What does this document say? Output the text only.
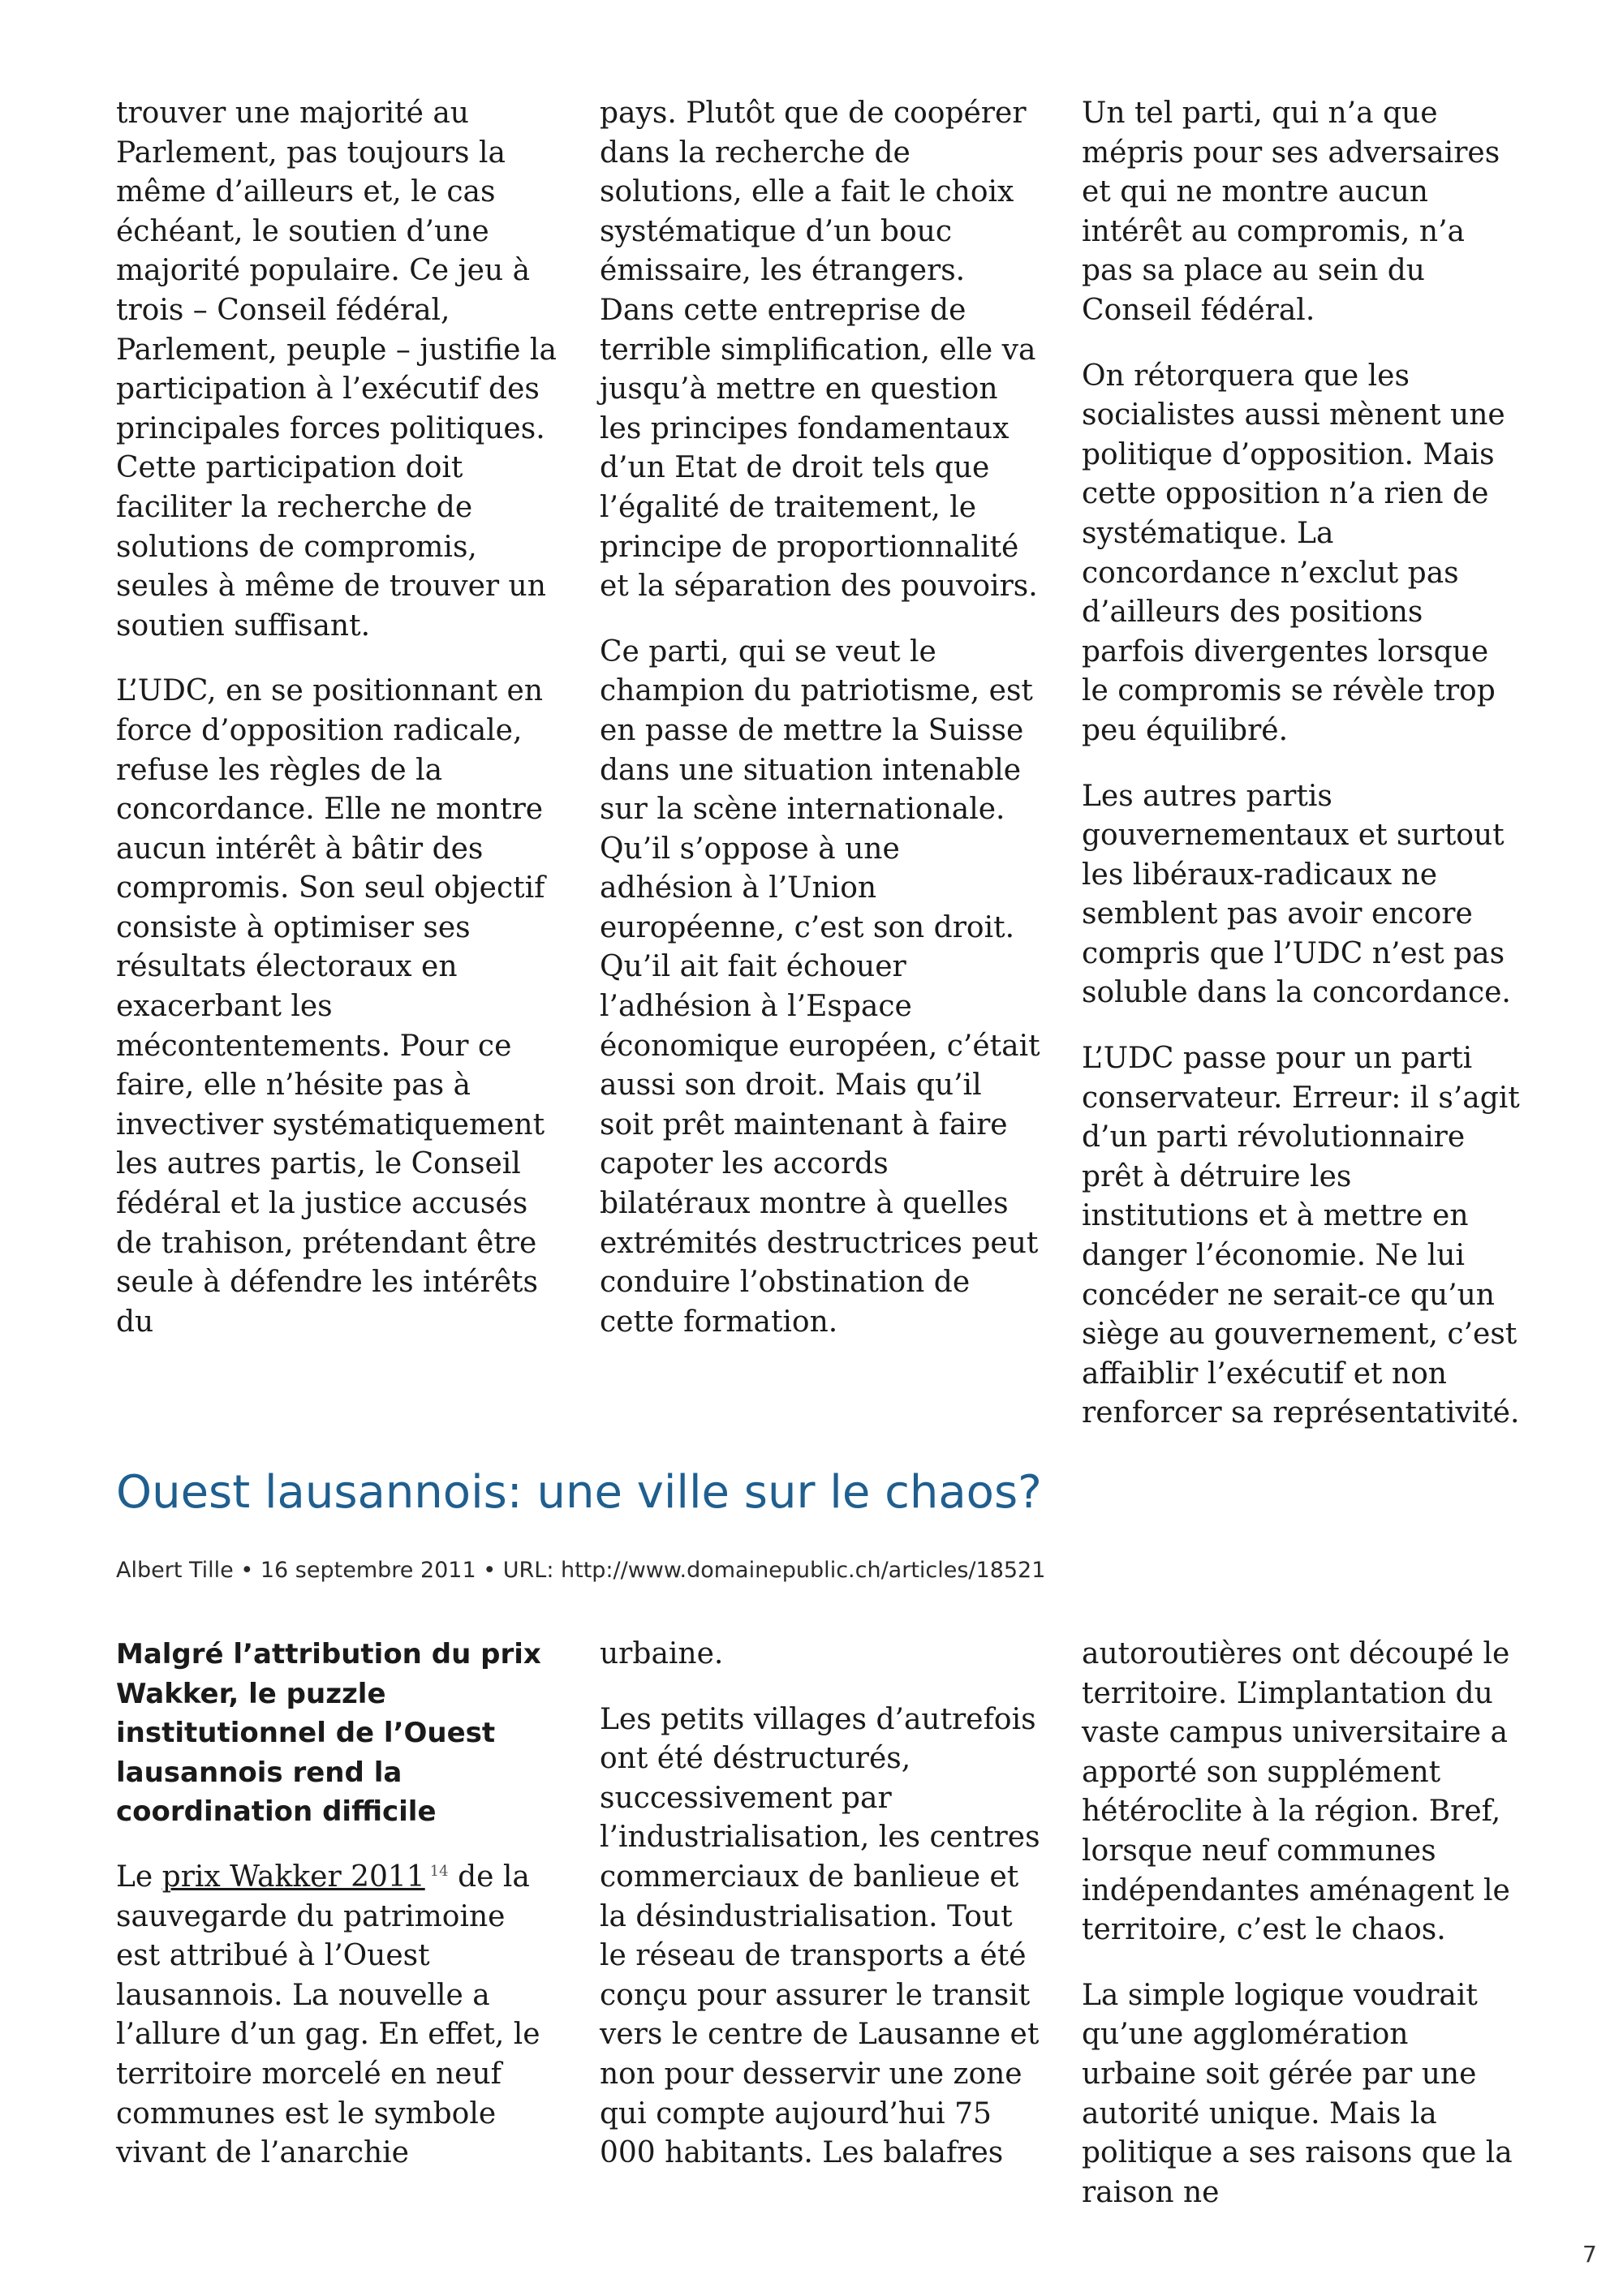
trouver une majorité au Parlement, pas toujours la même d’ailleurs et, le cas échéant, le soutien d’une majorité populaire. Ce jeu à trois – Conseil fédéral, Parlement, peuple – justifie la participation à l’exécutif des principales forces politiques. Cette participation doit faciliter la recherche de solutions de compromis, seules à même de trouver un soutien suffisant.

L’UDC, en se positionnant en force d’opposition radicale, refuse les règles de la concordance. Elle ne montre aucun intérêt à bâtir des compromis. Son seul objectif consiste à optimiser ses résultats électoraux en exacerbant les mécontentements. Pour ce faire, elle n’hésite pas à invectiver systématiquement les autres partis, le Conseil fédéral et la justice accusés de trahison, prétendant être seule à défendre les intérêts du

pays. Plutôt que de coopérer dans la recherche de solutions, elle a fait le choix systématique d’un bouc émissaire, les étrangers. Dans cette entreprise de terrible simplification, elle va jusqu’à mettre en question les principes fondamentaux d’un Etat de droit tels que l’égalité de traitement, le principe de proportionnalité et la séparation des pouvoirs.

Ce parti, qui se veut le champion du patriotisme, est en passe de mettre la Suisse dans une situation intenable sur la scène internationale. Qu’il s’oppose à une adhésion à l’Union européenne, c’est son droit. Qu’il ait fait échouer l’adhésion à l’Espace économique européen, c’était aussi son droit. Mais qu’il soit prêt maintenant à faire capoter les accords bilatéraux montre à quelles extrémités destructrices peut conduire l’obstination de cette formation.

Un tel parti, qui n’a que mépris pour ses adversaires et qui ne montre aucun intérêt au compromis, n’a pas sa place au sein du Conseil fédéral.

On rétorquera que les socialistes aussi mènent une politique d’opposition. Mais cette opposition n’a rien de systématique. La concordance n’exclut pas d’ailleurs des positions parfois divergentes lorsque le compromis se révèle trop peu équilibré.

Les autres partis gouvernementaux et surtout les libéraux-radicaux ne semblent pas avoir encore compris que l’UDC n’est pas soluble dans la concordance.

L’UDC passe pour un parti conservateur. Erreur: il s’agit d’un parti révolutionnaire prêt à détruire les institutions et à mettre en danger l’économie. Ne lui concéder ne serait-ce qu’un siège au gouvernement, c’est affaiblir l’exécutif et non renforcer sa représentativité.

Ouest lausannois: une ville sur le chaos?
Albert Tille • 16 septembre 2011 • URL: http://www.domainepublic.ch/articles/18521

Malgré l’attribution du prix Wakker, le puzzle institutionnel de l’Ouest lausannois rend la coordination difficile

Le prix Wakker 2011 $^{14}$ de la sauvegarde du patrimoine est attribué à l’Ouest lausannois. La nouvelle a l’allure d’un gag. En effet, le territoire morcelé en neuf communes est le symbole vivant de l’anarchie

urbaine.

Les petits villages d’autrefois ont été déstructurés, successivement par l’industrialisation, les centres commerciaux de banlieue et la désindustrialisation. Tout le réseau de transports a été conçu pour assurer le transit vers le centre de Lausanne et non pour desservir une zone qui compte aujourd’hui 75 000 habitants. Les balafres

autoroutières ont découpé le territoire. L’implantation du vaste campus universitaire a apporté son supplément hétéroclite à la région. Bref, lorsque neuf communes indépendantes aménagent le territoire, c’est le chaos.

La simple logique voudrait qu’une agglomération urbaine soit gérée par une autorité unique. Mais la politique a ses raisons que la raison ne

7
